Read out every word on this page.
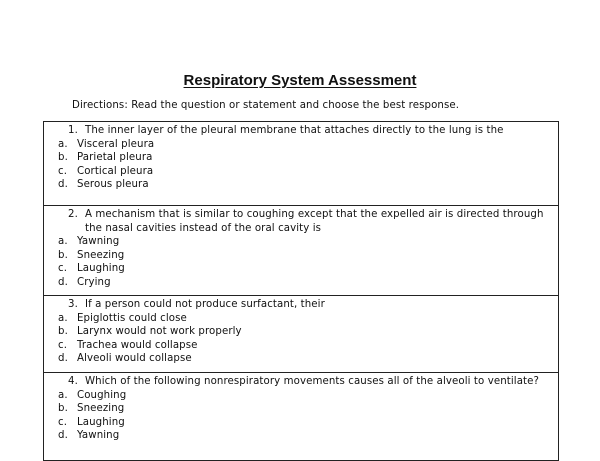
Respiratory System Assessment
Directions: Read the question or statement and choose the best response.
1. The inner layer of the pleural membrane that attaches directly to the lung is the
a. Visceral pleura
b. Parietal pleura
c. Cortical pleura
d. Serous pleura
2. A mechanism that is similar to coughing except that the expelled air is directed through the nasal cavities instead of the oral cavity is
a. Yawning
b. Sneezing
c. Laughing
d. Crying
3. If a person could not produce surfactant, their
a. Epiglottis could close
b. Larynx would not work properly
c. Trachea would collapse
d. Alveoli would collapse
4. Which of the following nonrespiratory movements causes all of the alveoli to ventilate?
a. Coughing
b. Sneezing
c. Laughing
d. Yawning
